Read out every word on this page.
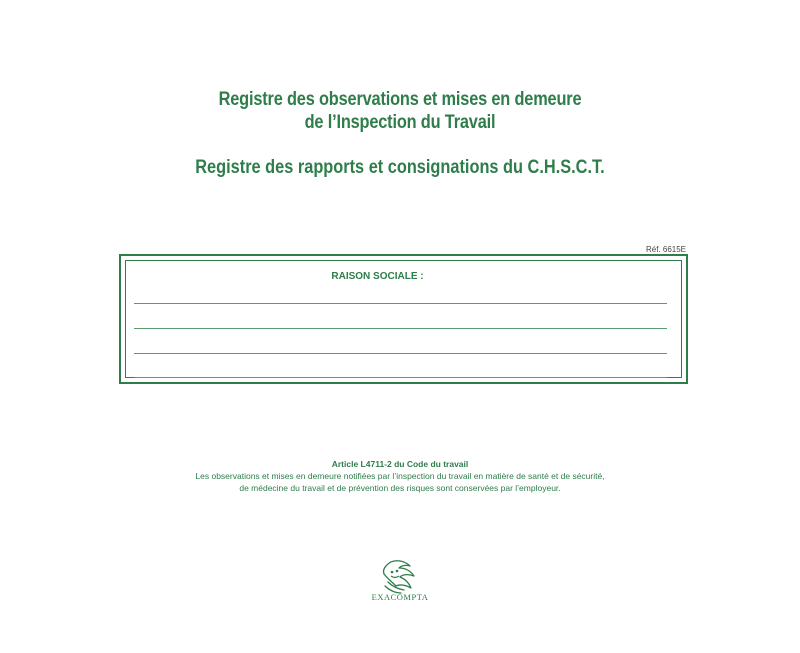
Registre des observations et mises en demeure
de l’Inspection du Travail
Registre des rapports et consignations du C.H.S.C.T.
Réf. 6615E
RAISON SOCIALE :
Article L4711-2 du Code du travail
Les observations et mises en demeure notifiées par l’inspection du travail en matière de santé et de sécurité,
de médecine du travail et de prévention des risques sont conservées par l’employeur.
EXACOMPTA
